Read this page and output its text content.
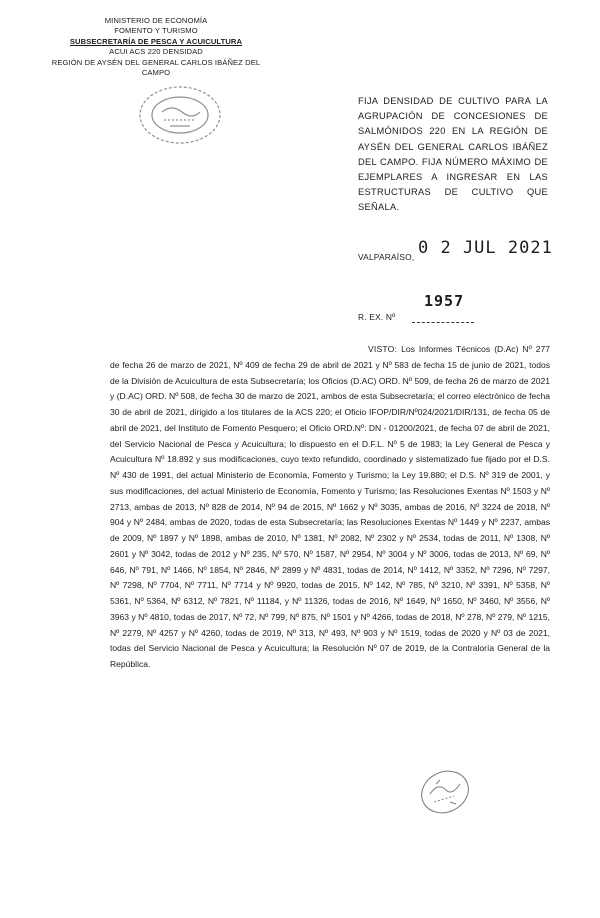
MINISTERIO DE ECONOMÍA
FOMENTO Y TURISMO
SUBSECRETARÍA DE PESCA Y ACUICULTURA
ACUI ACS 220 DENSIDAD
REGIÓN DE AYSÉN DEL GENERAL CARLOS IBÁÑEZ DEL CAMPO
FIJA DENSIDAD DE CULTIVO PARA LA AGRUPACIÓN DE CONCESIONES DE SALMÓNIDOS 220 EN LA REGIÓN DE AYSÉN DEL GENERAL CARLOS IBÁÑEZ DEL CAMPO. FIJA NÚMERO MÁXIMO DE EJEMPLARES A INGRESAR EN LAS ESTRUCTURAS DE CULTIVO QUE SEÑALA.
VALPARAÍSO, 0 2 JUL 2021
R. EX. Nº
1957

VISTO: Los Informes Técnicos (D.Ac) Nº 277 de fecha 26 de marzo de 2021, Nº 409 de fecha 29 de abril de 2021 y Nº 583 de fecha 15 de junio de 2021, todos de la División de Acuicultura de esta Subsecretaría; los Oficios (D.AC) ORD. Nº 509, de fecha 26 de marzo de 2021 y (D.AC) ORD. Nº 508, de fecha 30 de marzo de 2021, ambos de esta Subsecretaría; el correo electrónico de fecha 30 de abril de 2021, dirigido a los titulares de la ACS 220; el Oficio IFOP/DIR/Nº024/2021/DIR/131, de fecha 05 de abril de 2021, del Instituto de Fomento Pesquero; el Oficio ORD.Nº: DN - 01200/2021, de fecha 07 de abril de 2021, del Servicio Nacional de Pesca y Acuicultura; lo dispuesto en el D.F.L. Nº 5 de 1983; la Ley General de Pesca y Acuicultura Nº 18.892 y sus modificaciones, cuyo texto refundido, coordinado y sistematizado fue fijado por el D.S. Nº 430 de 1991, del actual Ministerio de Economía, Fomento y Turismo; la Ley 19.880; el D.S. Nº 319 de 2001, y sus modificaciones, del actual Ministerio de Economía, Fomento y Turismo; las Resoluciones Exentas Nº 1503 y Nº 2713, ambas de 2013, Nº 828 de 2014, Nº 94 de 2015, Nº 1662 y Nº 3035, ambas de 2016, Nº 3224 de 2018, Nº 904 y Nº 2484, ambas de 2020, todas de esta Subsecretaría; las Resoluciones Exentas Nº 1449 y Nº 2237, ambas de 2009, Nº 1897 y Nº 1898, ambas de 2010, Nº 1381, Nº 2082, Nº 2302 y Nº 2534, todas de 2011, Nº 1308, Nº 2601 y Nº 3042, todas de 2012 y Nº 235, Nº 570, Nº 1587, Nº 2954, Nº 3004 y Nº 3006, todas de 2013, Nº 69, Nº 646, Nº 791, Nº 1466, Nº 1854, Nº 2846, Nº 2899 y Nº 4831, todas de 2014, Nº 1412, Nº 3352, Nº 7296, Nº 7297, Nº 7298, Nº 7704, Nº 7711, Nº 7714 y Nº 9920, todas de 2015, Nº 142, Nº 785, Nº 3210, Nº 3391, Nº 5358, Nº 5361, Nº 5364, Nº 6312, Nº 7821, Nº 11184, y Nº 11326, todas de 2016, Nº 1649, Nº 1650, Nº 3460, Nº 3556, Nº 3963 y Nº 4810, todas de 2017, Nº 72, Nº 799, Nº 875, Nº 1501 y Nº 4266, todas de 2018, Nº 278, Nº 279, Nº 1215, Nº 2279, Nº 4257 y Nº 4260, todas de 2019, Nº 313, Nº 493, Nº 903 y Nº 1519, todas de 2020 y Nº 03 de 2021, todas del Servicio Nacional de Pesca y Acuicultura; la Resolución Nº 07 de 2019, de la Contraloría General de la República.
